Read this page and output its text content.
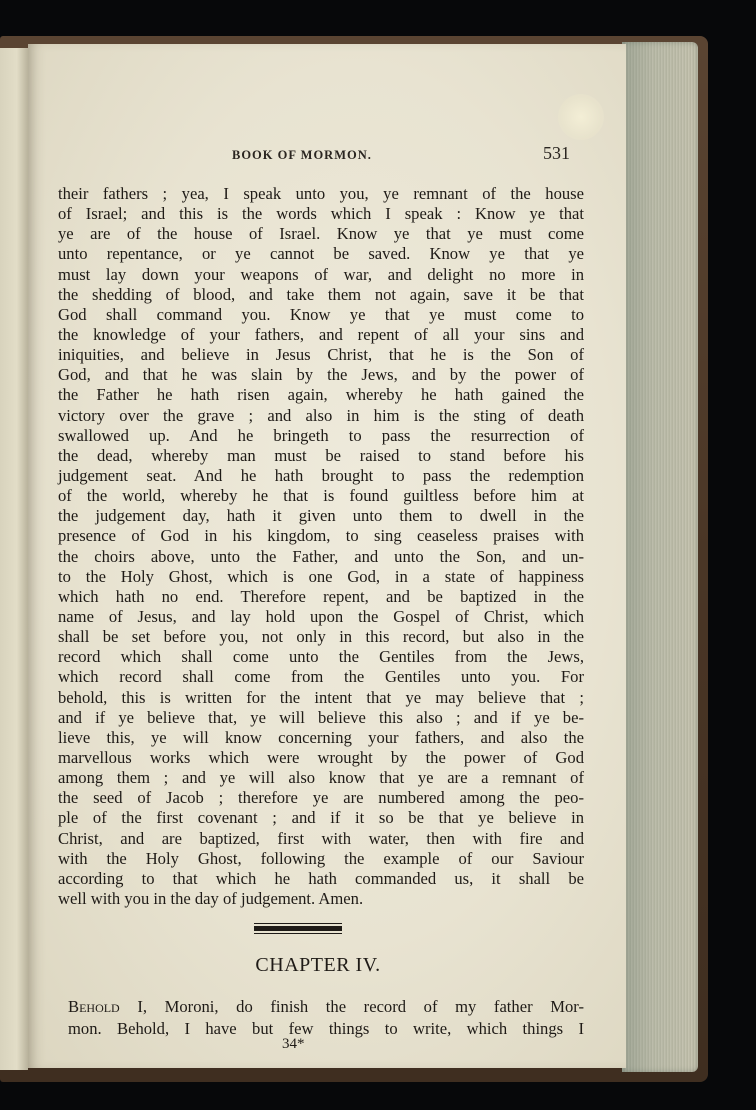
BOOK OF MORMON.	531
their fathers ; yea, I speak unto you, ye remnant of the house
of Israel; and this is the words which I speak : Know ye that
ye are of the house of Israel. Know ye that ye must come
unto repentance, or ye cannot be saved. Know ye that ye
must lay down your weapons of war, and delight no more in
the shedding of blood, and take them not again, save it be that
God shall command you. Know ye that ye must come to
the knowledge of your fathers, and repent of all your sins and
iniquities, and believe in Jesus Christ, that he is the Son of
God, and that he was slain by the Jews, and by the power of
the Father he hath risen again, whereby he hath gained the
victory over the grave ; and also in him is the sting of death
swallowed up. And he bringeth to pass the resurrection of
the dead, whereby man must be raised to stand before his
judgement seat. And he hath brought to pass the redemption
of the world, whereby he that is found guiltless before him at
the judgement day, hath it given unto them to dwell in the
presence of God in his kingdom, to sing ceaseless praises with
the choirs above, unto the Father, and unto the Son, and un-
to the Holy Ghost, which is one God, in a state of happiness
which hath no end. Therefore repent, and be baptized in the
name of Jesus, and lay hold upon the Gospel of Christ, which
shall be set before you, not only in this record, but also in the
record which shall come unto the Gentiles from the Jews,
which record shall come from the Gentiles unto you. For
behold, this is written for the intent that ye may believe that ;
and if ye believe that, ye will believe this also ; and if ye be-
lieve this, ye will know concerning your fathers, and also the
marvellous works which were wrought by the power of God
among them ; and ye will also know that ye are a remnant of
the seed of Jacob ; therefore ye are numbered among the peo-
ple of the first covenant ; and if it so be that ye believe in
Christ, and are baptized, first with water, then with fire and
with the Holy Ghost, following the example of our Saviour
according to that which he hath commanded us, it shall be
well with you in the day of judgement. Amen.
CHAPTER IV.
Behold I, Moroni, do finish the record of my father Mor-
mon. Behold, I have but few things to write, which things I
34*
